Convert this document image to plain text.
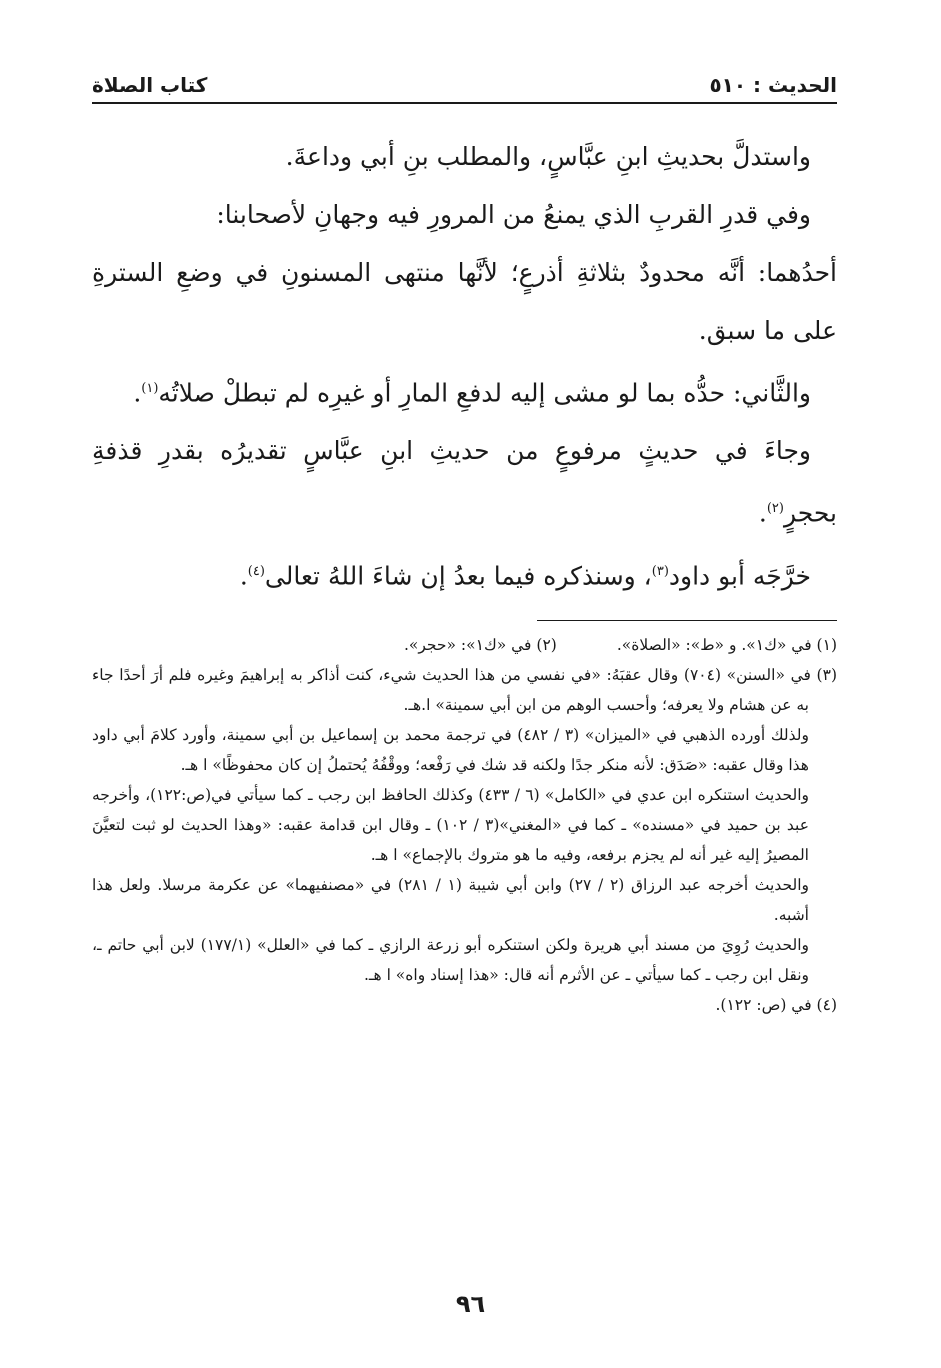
الحديث : ٥١٠
كتاب الصلاة

واستدلَّ بحديثِ ابنِ عبَّاسٍ، والمطلب بنِ أبي وداعةَ.

وفي قدرِ القربِ الذي يمنعُ من المرورِ فيه وجهانِ لأصحابنا:

أحدُهما: أنَّه محدودٌ بثلاثةِ أذرعٍ؛ لأنَّها منتهى المسنونِ في وضعِ السترةِ على ما سبق.

والثَّاني: حدُّه بما لو مشى إليه لدفعِ المارِ أو غيرِه لم تبطلْ صلاتُه$^{(١)}$.

وجاءَ في حديثٍ مرفوعٍ من حديثِ ابنِ عبَّاسٍ تقديرُه بقدرِ قذفةِ بحجرٍ$^{(٢)}$.

خرَّجَه أبو داود$^{(٣)}$، وسنذكره فيما بعدُ إن شاءَ اللهُ تعالى$^{(٤)}$.

(١) في «ك١». و «ط»: «الصلاة».
(٢) في «ك١»: «حجر».

(٣) في «السنن» (٧٠٤) وقال عقبَهُ: «في نفسي من هذا الحديث شيء، كنت أذاكر به إبراهيمَ وغيره فلم أرَ أحدًا جاء به عن هشام ولا يعرفه؛ وأحسب الوهم من ابن أبي سمينة» ا.هـ.

ولذلك أورده الذهبي في «الميزان» (٣ / ٤٨٢) في ترجمة محمد بن إسماعيل بن أبي سمينة، وأورد كلامَ أبي داود هذا وقال عقبه: «صَدَق: لأنه منكر جدًا ولكنه قد شك في رَفْعه؛ ووقْفُهُ يُحتملُ إن كان محفوظًا» ا هـ.

والحديث استنكره ابن عدي في «الكامل» (٦ / ٤٣٣) وكذلك الحافظ ابن رجب ـ كما سيأتي في(ص:١٢٢)، وأخرجه عبد بن حميد في «مسنده» ـ كما في «المغني»(٣ / ١٠٢) ـ وقال ابن قدامة عقبه: «وهذا الحديث لو ثبت لتعيَّنَ المصيرُ إليه غير أنه لم يجزم برفعه، وفيه ما هو متروك بالإجماع» ا هـ.

والحديث أخرجه عبد الرزاق (٢ / ٢٧) وابن أبي شيبة (١ / ٢٨١) في «مصنفيهما» عن عكرمة مرسلا. ولعل هذا أشبه.

والحديث رُوِيَ من مسند أبي هريرة ولكن استنكره أبو زرعة الرازي ـ كما في «العلل» (١٧٧/١) لابن أبي حاتم ـ، ونقل ابن رجب ـ كما سيأتي ـ عن الأثرم أنه قال: «هذا إسناد واه» ا هـ.

(٤) في (ص: ١٢٢).

٩٦
